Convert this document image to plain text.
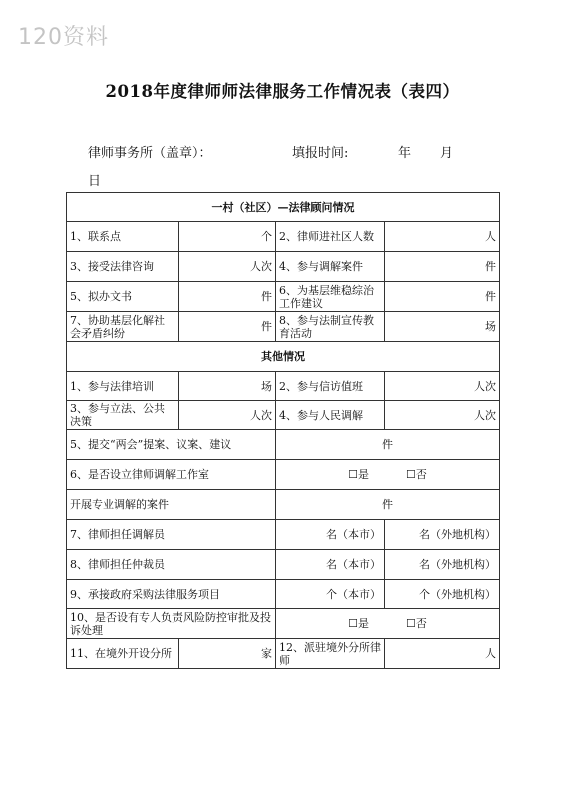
120资料
2018年度律师师法律服务工作情况表（表四）
律师事务所（盖章）：	填报时间:	年 月
日
一村（社区）—法律顾问情况			
1、联系点	个	2、律师进社区人数	人
3、接受法律咨询	人次	4、参与调解案件	件
5、拟办文书	件	6、为基层维稳综治工作建议	件
7、协助基层化解社会矛盾纠纷	件	8、参与法制宣传教育活动	场
其他情况			
1、参与法律培训	场	2、参与信访值班	人次
3、参与立法、公共决策	人次	4、参与人民调解	人次
5、提交“两会”提案、议案、建议		件	
6、是否设立律师调解工作室		☐是 ☐否	
开展专业调解的案件		件	
7、律师担任调解员		名（本市）	名（外地机构）
8、律师担任仲裁员		名（本市）	名（外地机构）
9、承接政府采购法律服务项目		个（本市）	个（外地机构）
10、是否设有专人负责风险防控审批及投诉处理		☐是 ☐否	
11、在境外开设分所	家	12、派驻境外分所律师	人
